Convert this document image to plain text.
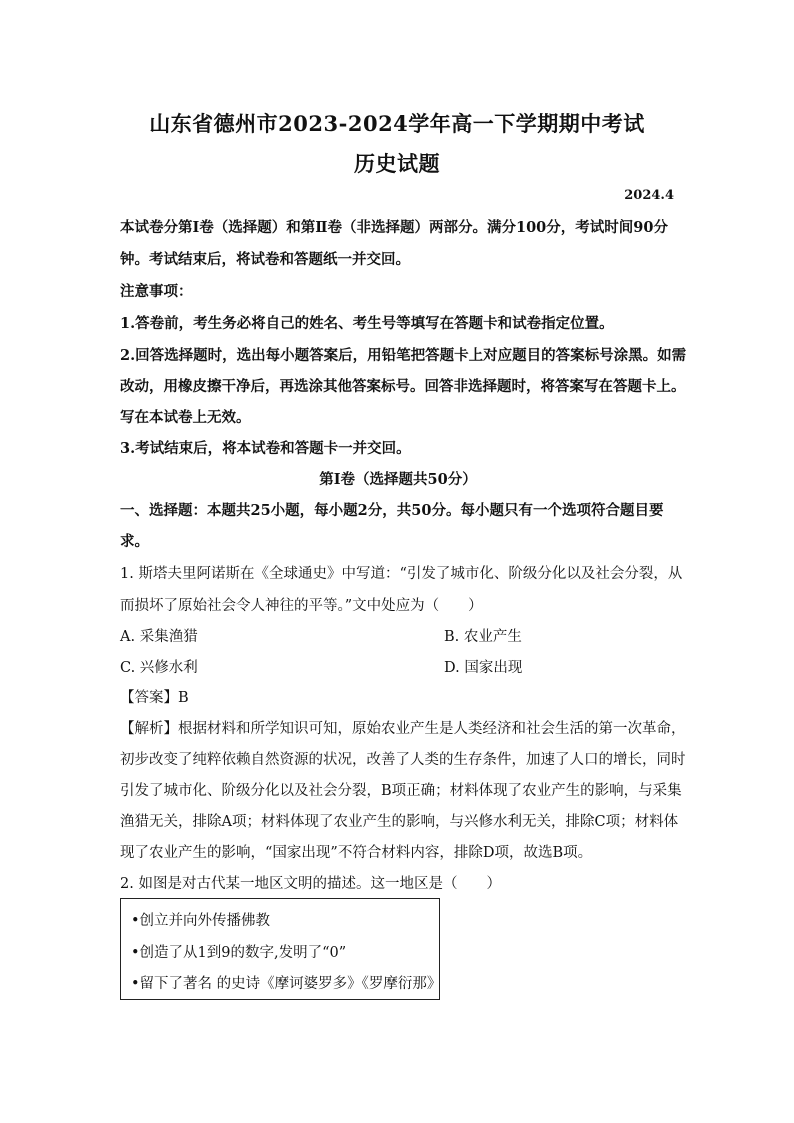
山东省德州市2023-2024学年高一下学期期中考试
历史试题
2024.4
本试卷分第Ⅰ卷（选择题）和第Ⅱ卷（非选择题）两部分。满分100分，考试时间90分
钟。考试结束后，将试卷和答题纸一并交回。
注意事项：
1.答卷前，考生务必将自己的姓名、考生号等填写在答题卡和试卷指定位置。
2.回答选择题时，选出每小题答案后，用铅笔把答题卡上对应题目的答案标号涂黑。如需
改动，用橡皮擦干净后，再选涂其他答案标号。回答非选择题时，将答案写在答题卡上。
写在本试卷上无效。
3.考试结束后，将本试卷和答题卡一并交回。
第Ⅰ卷（选择题共50分）
一、选择题：本题共25小题，每小题2分，共50分。每小题只有一个选项符合题目要
求。
1. 斯塔夫里阿诺斯在《全球通史》中写道：“引发了城市化、阶级分化以及社会分裂，从
而损坏了原始社会令人神往的平等。”文中处应为（　　）
A. 采集渔猎	B. 农业产生
C. 兴修水利	D. 国家出现
【答案】B
【解析】根据材料和所学知识可知，原始农业产生是人类经济和社会生活的第一次革命，
初步改变了纯粹依赖自然资源的状况，改善了人类的生存条件，加速了人口的增长，同时
引发了城市化、阶级分化以及社会分裂，B项正确；材料体现了农业产生的影响，与采集
渔猎无关，排除A项；材料体现了农业产生的影响，与兴修水利无关，排除C项；材料体
现了农业产生的影响，“国家出现”不符合材料内容，排除D项，故选B项。
2. 如图是对古代某一地区文明的描述。这一地区是（　　）
•创立并向外传播佛教
•创造了从1到9的数字,发明了“0”
•留下了著名 的史诗《摩诃婆罗多》《罗摩衍那》
